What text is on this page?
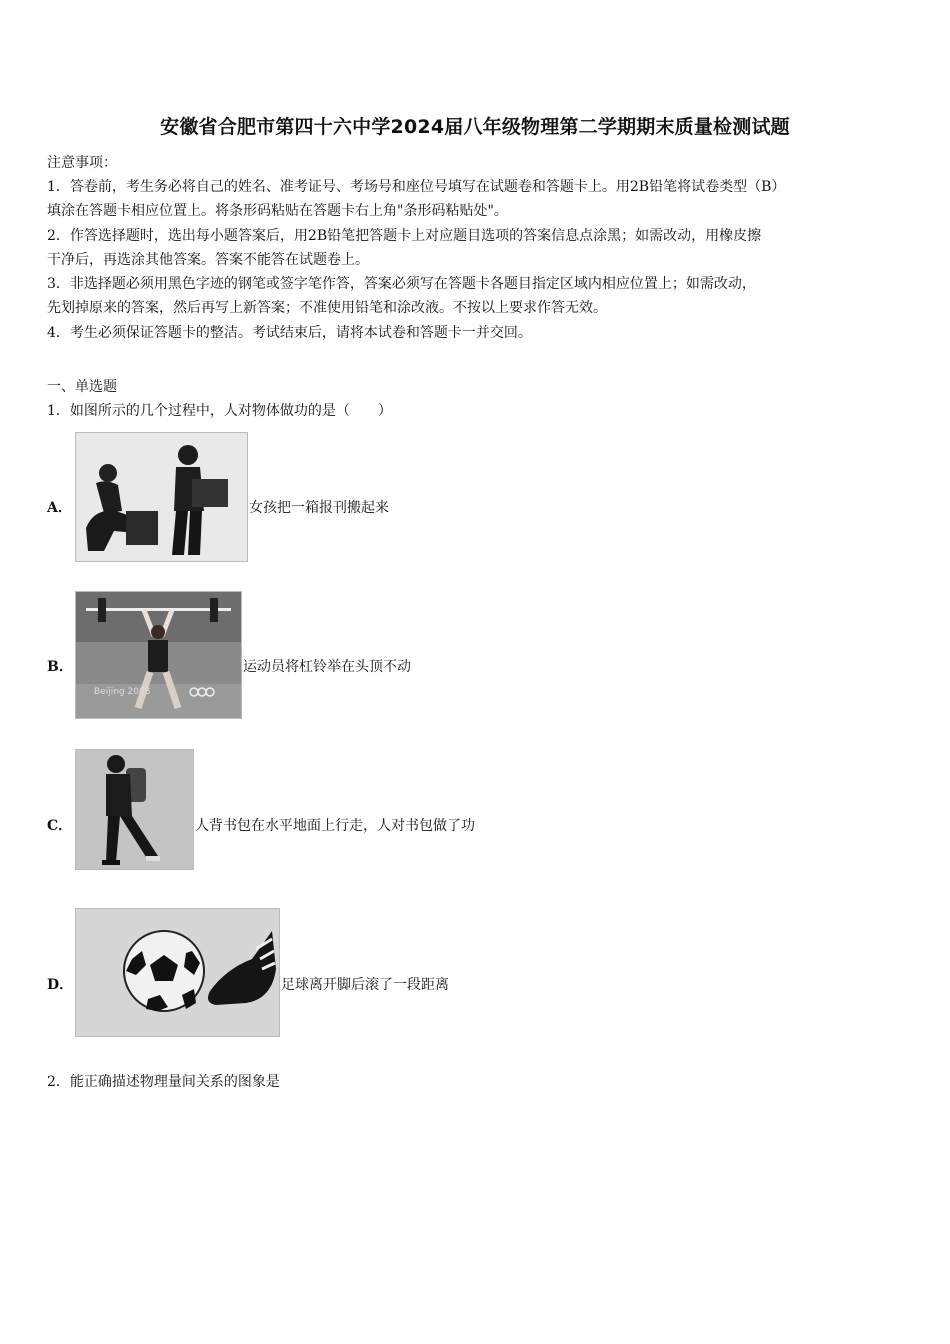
安徽省合肥市第四十六中学2024届八年级物理第二学期期末质量检测试题
注意事项：
1．答卷前，考生务必将自己的姓名、准考证号、考场号和座位号填写在试题卷和答题卡上。用2B铅笔将试卷类型（B）
填涂在答题卡相应位置上。将条形码粘贴在答题卡右上角"条形码粘贴处"。
2．作答选择题时，选出每小题答案后，用2B铅笔把答题卡上对应题目选项的答案信息点涂黑；如需改动，用橡皮擦
干净后，再选涂其他答案。答案不能答在试题卷上。
3．非选择题必须用黑色字迹的钢笔或签字笔作答，答案必须写在答题卡各题目指定区域内相应位置上；如需改动，
先划掉原来的答案，然后再写上新答案；不准使用铅笔和涂改液。不按以上要求作答无效。
4．考生必须保证答题卡的整洁。考试结束后，请将本试卷和答题卡一并交回。
一、单选题
1．如图所示的几个过程中，人对物体做功的是（　　）
A．	女孩把一箱报刊搬起来
B．
Beijing 2008
运动员将杠铃举在头顶不动
C．	人背书包在水平地面上行走，人对书包做了功
D．	足球离开脚后滚了一段距离
2．能正确描述物理量间关系的图象是
